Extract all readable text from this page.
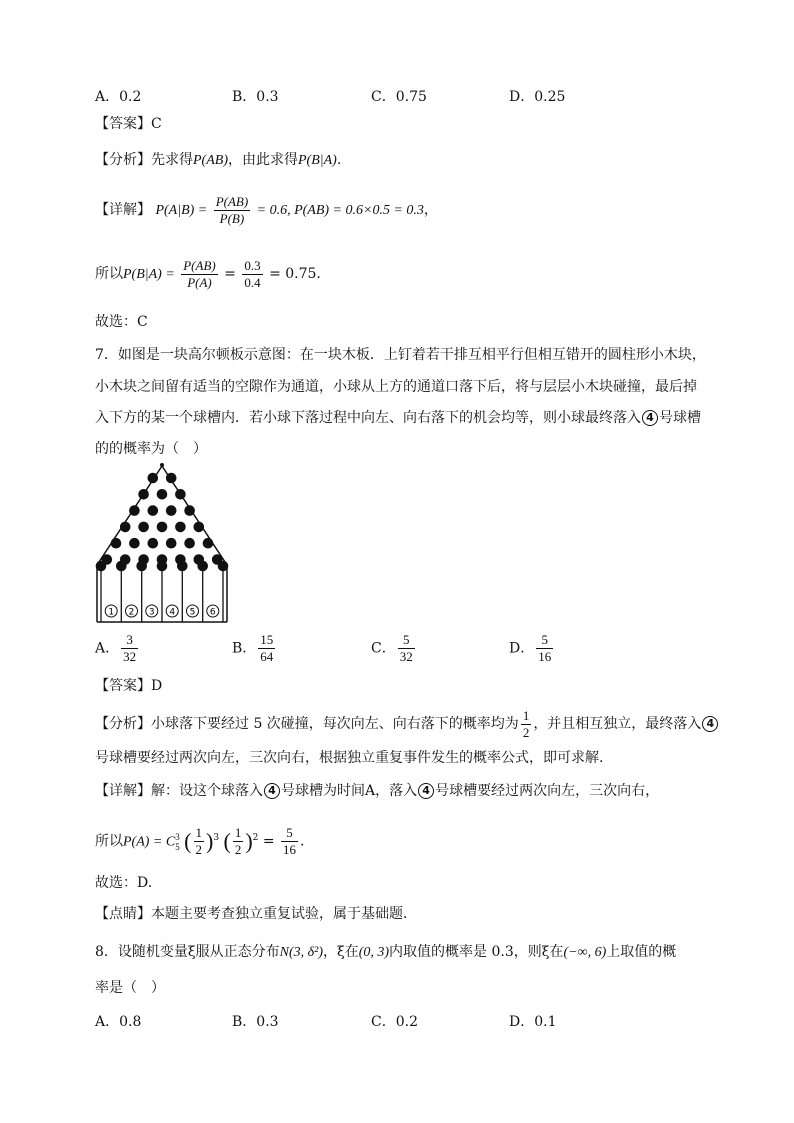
A．0.2	B．0.3	C．0.75	D．0.25
【答案】C
【分析】先求得P(AB)，由此求得P(B|A).
【详解】 $P(A|B) = \frac{P(AB)}{P(B)} = 0.6$, P(AB) = 0.6×0.5 = 0.3，
所以$P(B|A) = \frac{P(AB)}{P(A)} = \frac{0.3}{0.4} = 0.75$.
故选：C
7．如图是一块高尔顿板示意图：在一块木板．上钉着若干排互相平行但相互错开的圆柱形小木块，
小木块之间留有适当的空隙作为通道，小球从上方的通道口落下后，将与层层小木块碰撞，最后掉
入下方的某一个球槽内．若小球下落过程中向左、向右落下的机会均等，则小球最终落入 4 号球槽
的的概率为（　）
1 2 3 4 5 6
A． $\frac{3}{32}$	B． $\frac{15}{64}$	C． $\frac{5}{32}$	D． $\frac{5}{16}$
【答案】D
【分析】小球落下要经过 5 次碰撞，每次向左、向右落下的概率均为 $\frac{1}{2}$ ，并且相互独立，最终落入 4
号球槽要经过两次向左，三次向右，根据独立重复事件发生的概率公式，即可求解.
【详解】解：设这个球落入 4 号球槽为时间A，落入 4 号球槽要经过两次向左，三次向右，
所以P(A) = C 3
5 ( $\frac{1}{2} )^3$ ( $\frac{1}{2} )^2 = \frac{5}{16}$ .
故选：D.
【点睛】本题主要考查独立重复试验，属于基础题.
8．设随机变量ξ服从正态分布N(3, δ²)，ξ在(0, 3)内取值的概率是 0.3，则ξ在(−∞, 6)上取值的概
率是（　）
A．0.8	B．0.3	C．0.2	D．0.1
